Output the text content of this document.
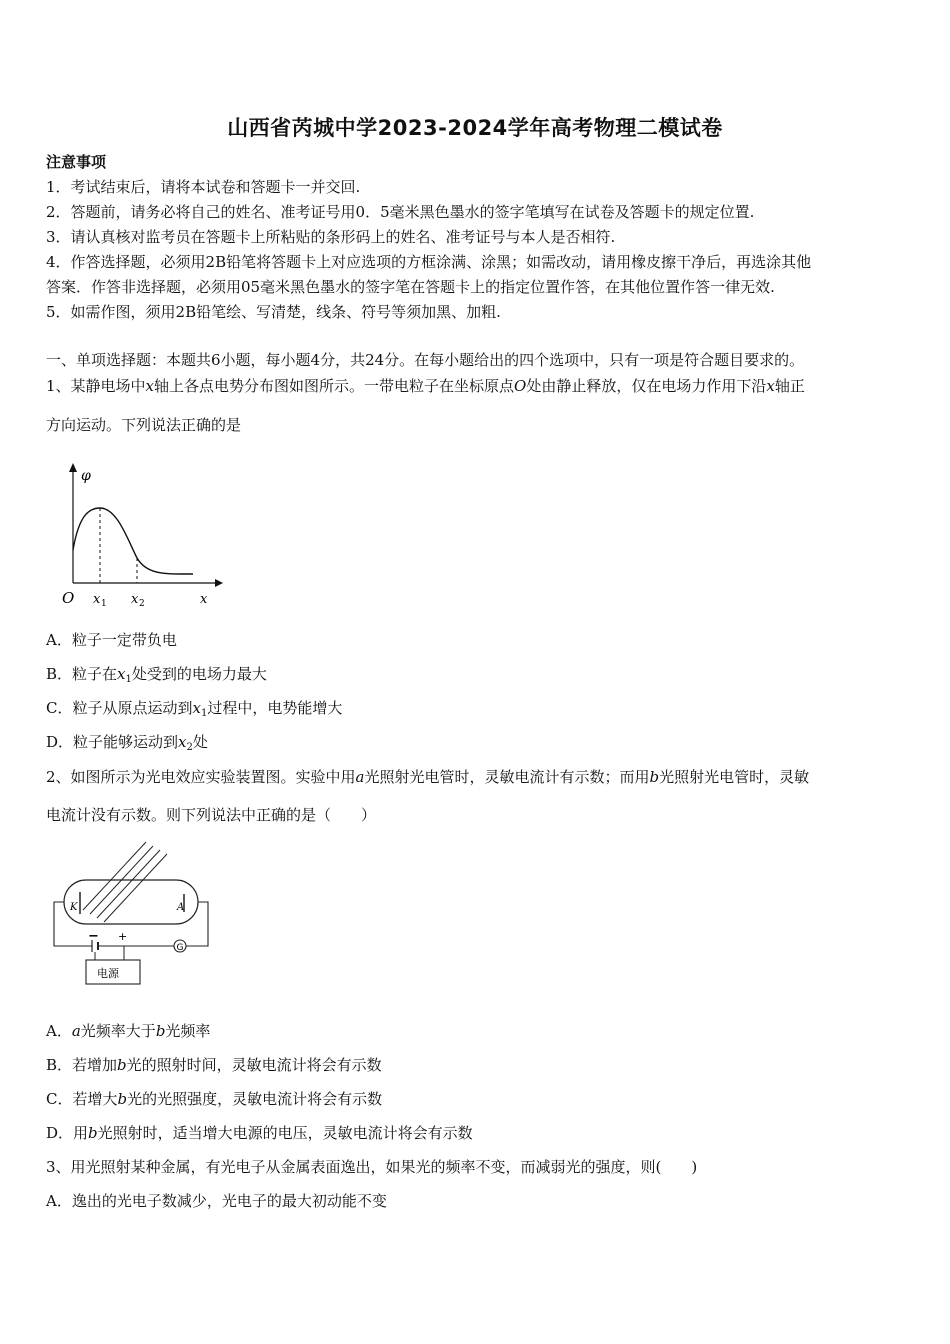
山西省芮城中学2023-2024学年高考物理二模试卷
注意事项
1．考试结束后，请将本试卷和答题卡一并交回.
2．答题前，请务必将自己的姓名、准考证号用0．5毫米黑色墨水的签字笔填写在试卷及答题卡的规定位置.
3．请认真核对监考员在答题卡上所粘贴的条形码上的姓名、准考证号与本人是否相符.
4．作答选择题，必须用2B铅笔将答题卡上对应选项的方框涂满、涂黑；如需改动，请用橡皮擦干净后，再选涂其他
答案．作答非选择题，必须用05毫米黑色墨水的签字笔在答题卡上的指定位置作答，在其他位置作答一律无效.
5．如需作图，须用2B铅笔绘、写清楚，线条、符号等须加黑、加粗.
一、单项选择题：本题共6小题，每小题4分，共24分。在每小题给出的四个选项中，只有一项是符合题目要求的。
1、某静电场中x轴上各点电势分布图如图所示。一带电粒子在坐标原点O处由静止释放，仅在电场力作用下沿x轴正
方向运动。下列说法正确的是
φ
O x 1 x 2	x
A．粒子一定带负电
B．粒子在$x_1$处受到的电场力最大
C．粒子从原点运动到$x_1$过程中，电势能增大
D．粒子能够运动到$x_2$处
2、如图所示为光电效应实验装置图。实验中用a光照射光电管时，灵敏电流计有示数；而用b光照射光电管时，灵敏
电流计没有示数。则下列说法中正确的是（　　）
K	A
G
− +
电源
A．a光频率大于b光频率
B．若增加b光的照射时间，灵敏电流计将会有示数
C．若增大b光的光照强度，灵敏电流计将会有示数
D．用b光照射时，适当增大电源的电压，灵敏电流计将会有示数
3、用光照射某种金属，有光电子从金属表面逸出，如果光的频率不变，而减弱光的强度，则(　　)
A．逸出的光电子数减少，光电子的最大初动能不变
